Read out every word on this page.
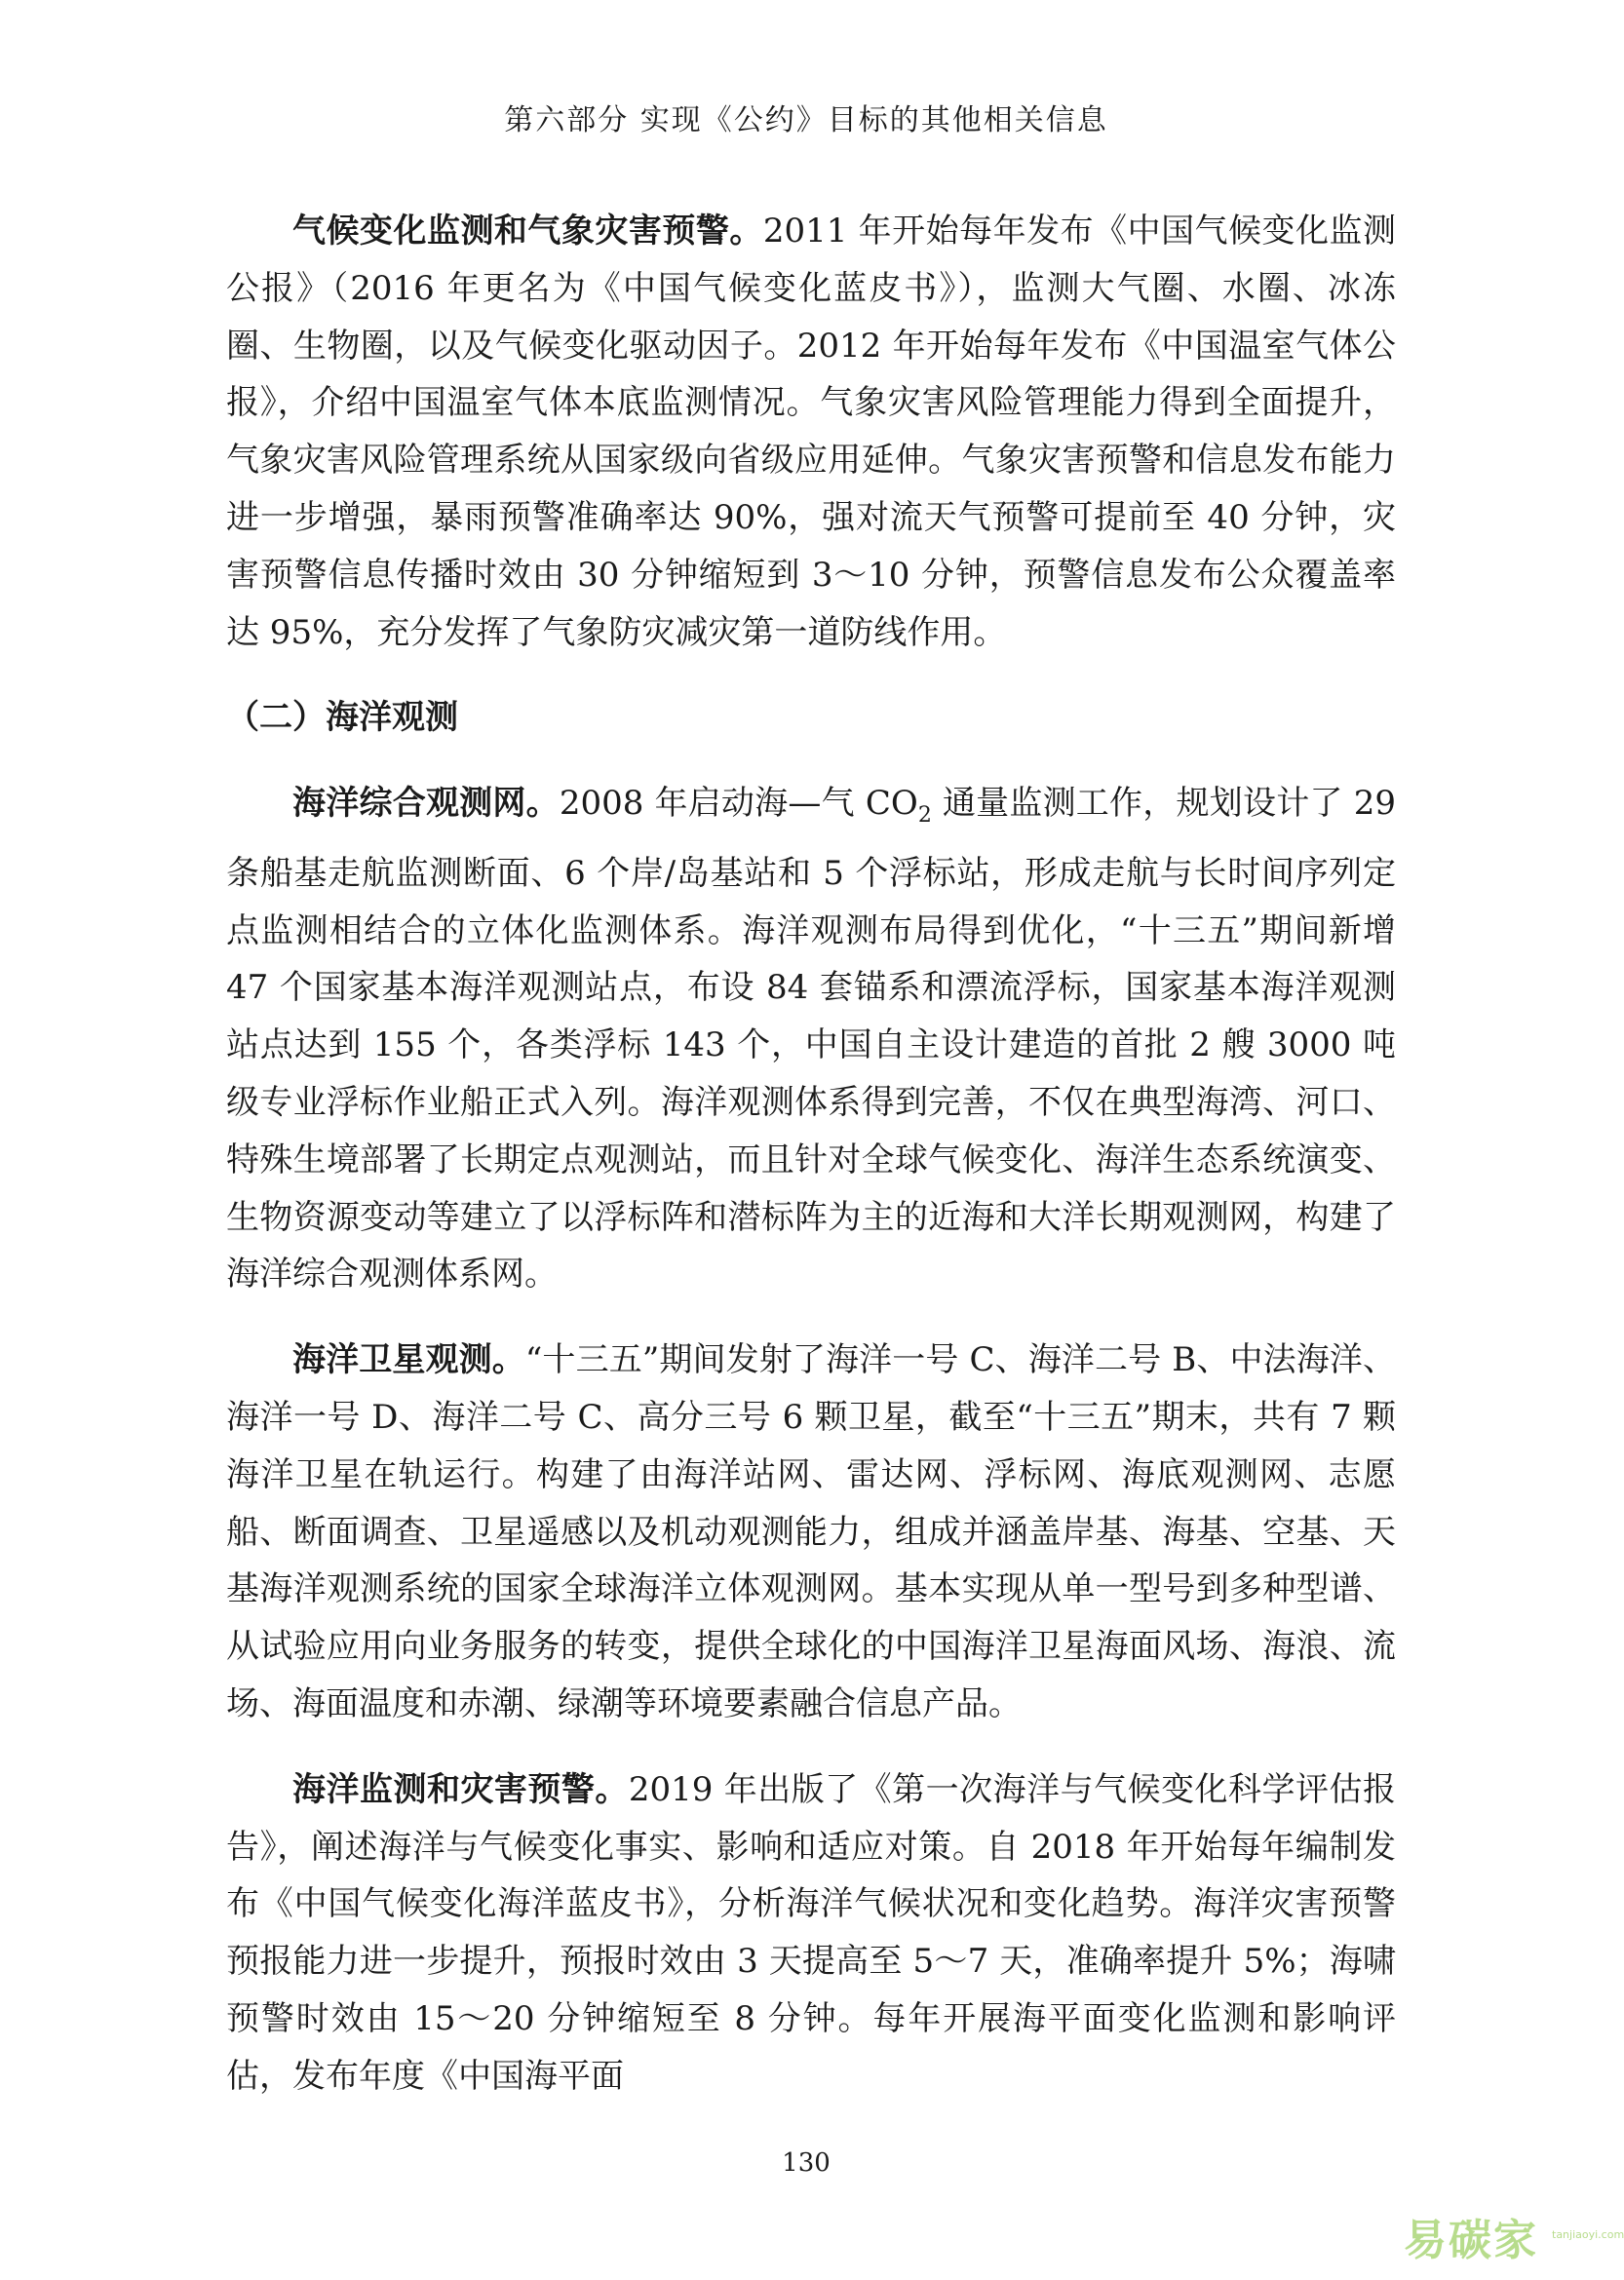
第六部分 实现《公约》目标的其他相关信息

气候变化监测和气象灾害预警。2011 年开始每年发布《中国气候变化监测公报》（2016 年更名为《中国气候变化蓝皮书》），监测大气圈、水圈、冰冻圈、生物圈，以及气候变化驱动因子。2012 年开始每年发布《中国温室气体公报》，介绍中国温室气体本底监测情况。气象灾害风险管理能力得到全面提升，气象灾害风险管理系统从国家级向省级应用延伸。气象灾害预警和信息发布能力进一步增强，暴雨预警准确率达 90%，强对流天气预警可提前至 40 分钟，灾害预警信息传播时效由 30 分钟缩短到 3～10 分钟，预警信息发布公众覆盖率达 95%，充分发挥了气象防灾减灾第一道防线作用。

（二）海洋观测

海洋综合观测网。2008 年启动海—气 $CO_2$ 通量监测工作，规划设计了 29 条船基走航监测断面、6 个岸/岛基站和 5 个浮标站，形成走航与长时间序列定点监测相结合的立体化监测体系。海洋观测布局得到优化，“十三五”期间新增 47 个国家基本海洋观测站点，布设 84 套锚系和漂流浮标，国家基本海洋观测站点达到 155 个，各类浮标 143 个，中国自主设计建造的首批 2 艘 3000 吨级专业浮标作业船正式入列。海洋观测体系得到完善，不仅在典型海湾、河口、特殊生境部署了长期定点观测站，而且针对全球气候变化、海洋生态系统演变、生物资源变动等建立了以浮标阵和潜标阵为主的近海和大洋长期观测网，构建了海洋综合观测体系网。

海洋卫星观测。“十三五”期间发射了海洋一号 C、海洋二号 B、中法海洋、海洋一号 D、海洋二号 C、高分三号 6 颗卫星，截至“十三五”期末，共有 7 颗海洋卫星在轨运行。构建了由海洋站网、雷达网、浮标网、海底观测网、志愿船、断面调查、卫星遥感以及机动观测能力，组成并涵盖岸基、海基、空基、天基海洋观测系统的国家全球海洋立体观测网。基本实现从单一型号到多种型谱、从试验应用向业务服务的转变，提供全球化的中国海洋卫星海面风场、海浪、流场、海面温度和赤潮、绿潮等环境要素融合信息产品。

海洋监测和灾害预警。2019 年出版了《第一次海洋与气候变化科学评估报告》，阐述海洋与气候变化事实、影响和适应对策。自 2018 年开始每年编制发布《中国气候变化海洋蓝皮书》，分析海洋气候状况和变化趋势。海洋灾害预警预报能力进一步提升，预报时效由 3 天提高至 5～7 天，准确率提升 5%；海啸预警时效由 15～20 分钟缩短至 8 分钟。每年开展海平面变化监测和影响评估，发布年度《中国海平面

130
易碳家 tanjiaoyi.com
